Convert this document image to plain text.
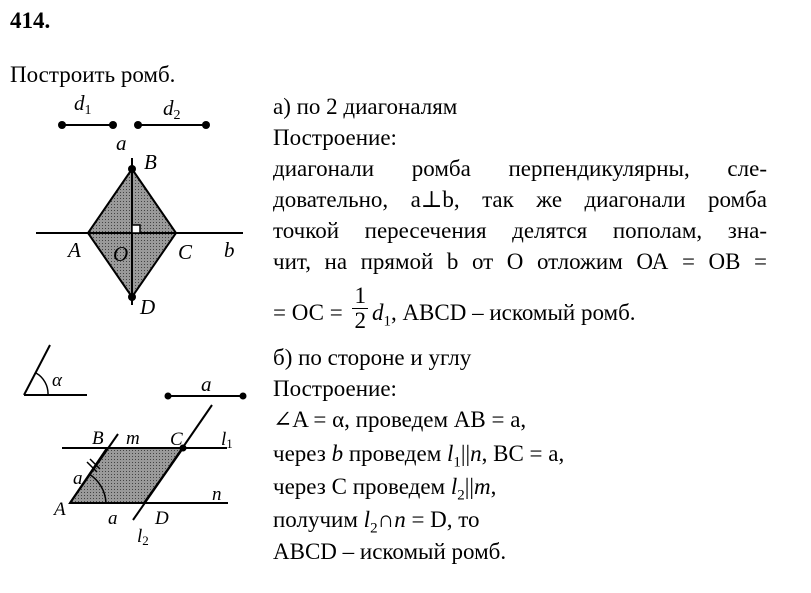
414.
Построить ромб.
а) по 2 диагоналям
Построение:
диагонали ромба перпендикулярны, сле-
довательно, a⊥b, так же диагонали ромба
точкой пересечения делятся пополам, зна-
чит, на прямой b от О отложим ОА = ОВ =
= ОС = $\frac{1}{2} d_1$, АВСD – искомый ромб.
б) по стороне и углу
Построение:
∠A = α, проведем АВ = a,
через b проведем $l_1||n$, ВС = a,
через С проведем $l_2||m$,
получим $l_2\cap n = D$, то
АВСD – искомый ромб.
d1	d2
a
B
A O C b
D
α	a
B m C l1
a
n
A a D
l2
